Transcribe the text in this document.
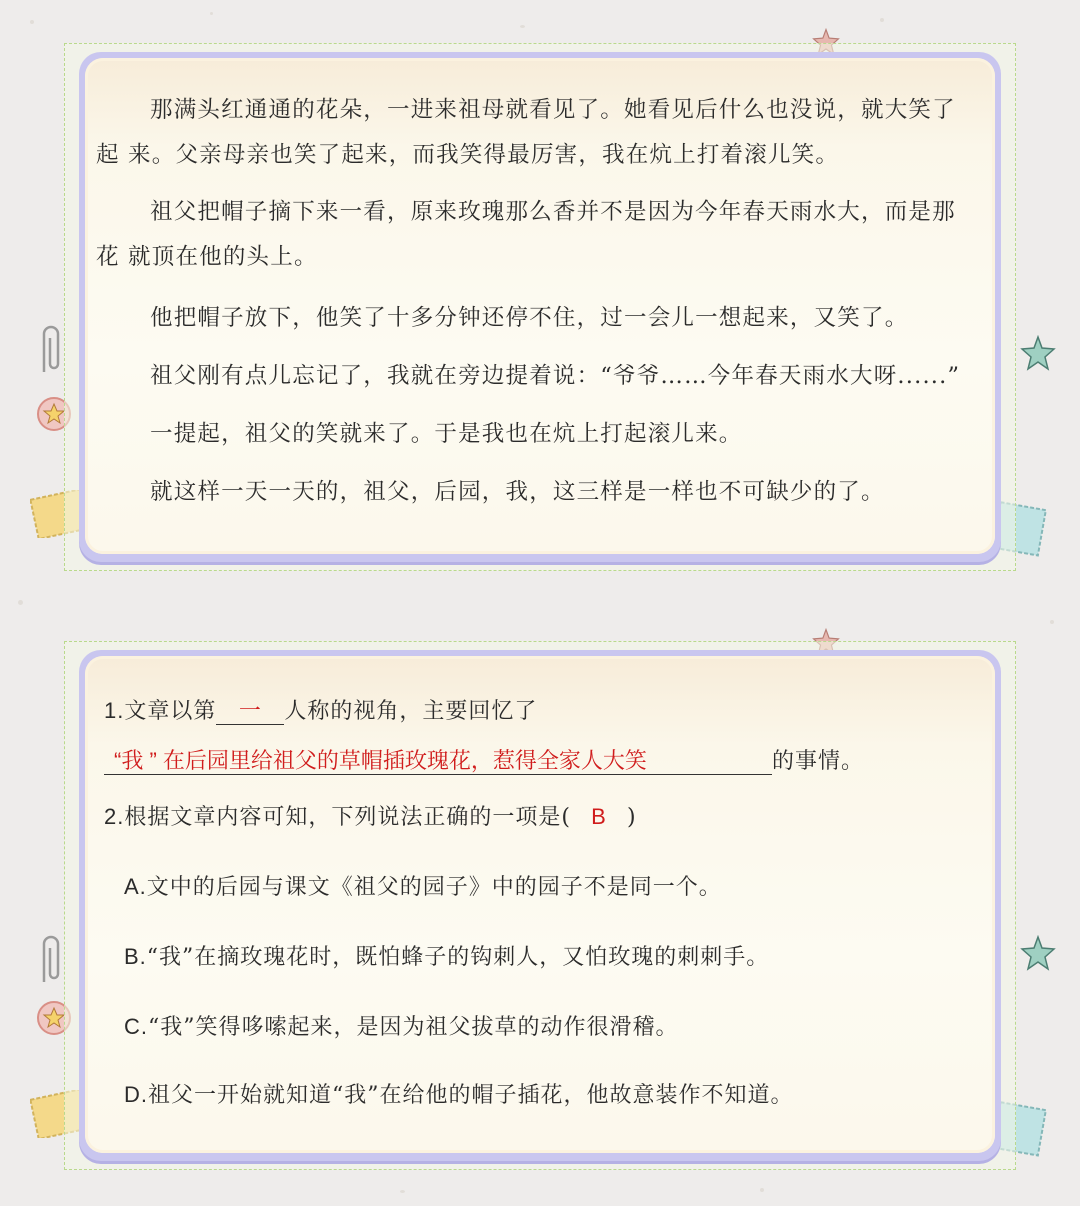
那满头红通通的花朵，一进来祖母就看见了。她看见后什么也没说，就大笑了起 来。父亲母亲也笑了起来，而我笑得最厉害，我在炕上打着滚儿笑。
祖父把帽子摘下来一看，原来玫瑰那么香并不是因为今年春天雨水大，而是那花 就顶在他的头上。
他把帽子放下，他笑了十多分钟还停不住，过一会儿一想起来，又笑了。
祖父刚有点儿忘记了，我就在旁边提着说：“爷爷……今年春天雨水大呀......”
一提起，祖父的笑就来了。于是我也在炕上打起滚儿来。
就这样一天一天的，祖父，后园，我，这三样是一样也不可缺少的了。
1.文章以第 一 人称的视角，主要回忆了
“我 ” 在后园里给祖父的草帽插玫瑰花，惹得全家人大笑	的事情。
2.根据文章内容可知，下列说法正确的一项是( B )
A.文中的后园与课文《祖父的园子》中的园子不是同一个。
B.“我”在摘玫瑰花时，既怕蜂子的钩刺人，又怕玫瑰的刺刺手。
C.“我”笑得哆嗦起来，是因为祖父拔草的动作很滑稽。
D.祖父一开始就知道“我”在给他的帽子插花，他故意装作不知道。
